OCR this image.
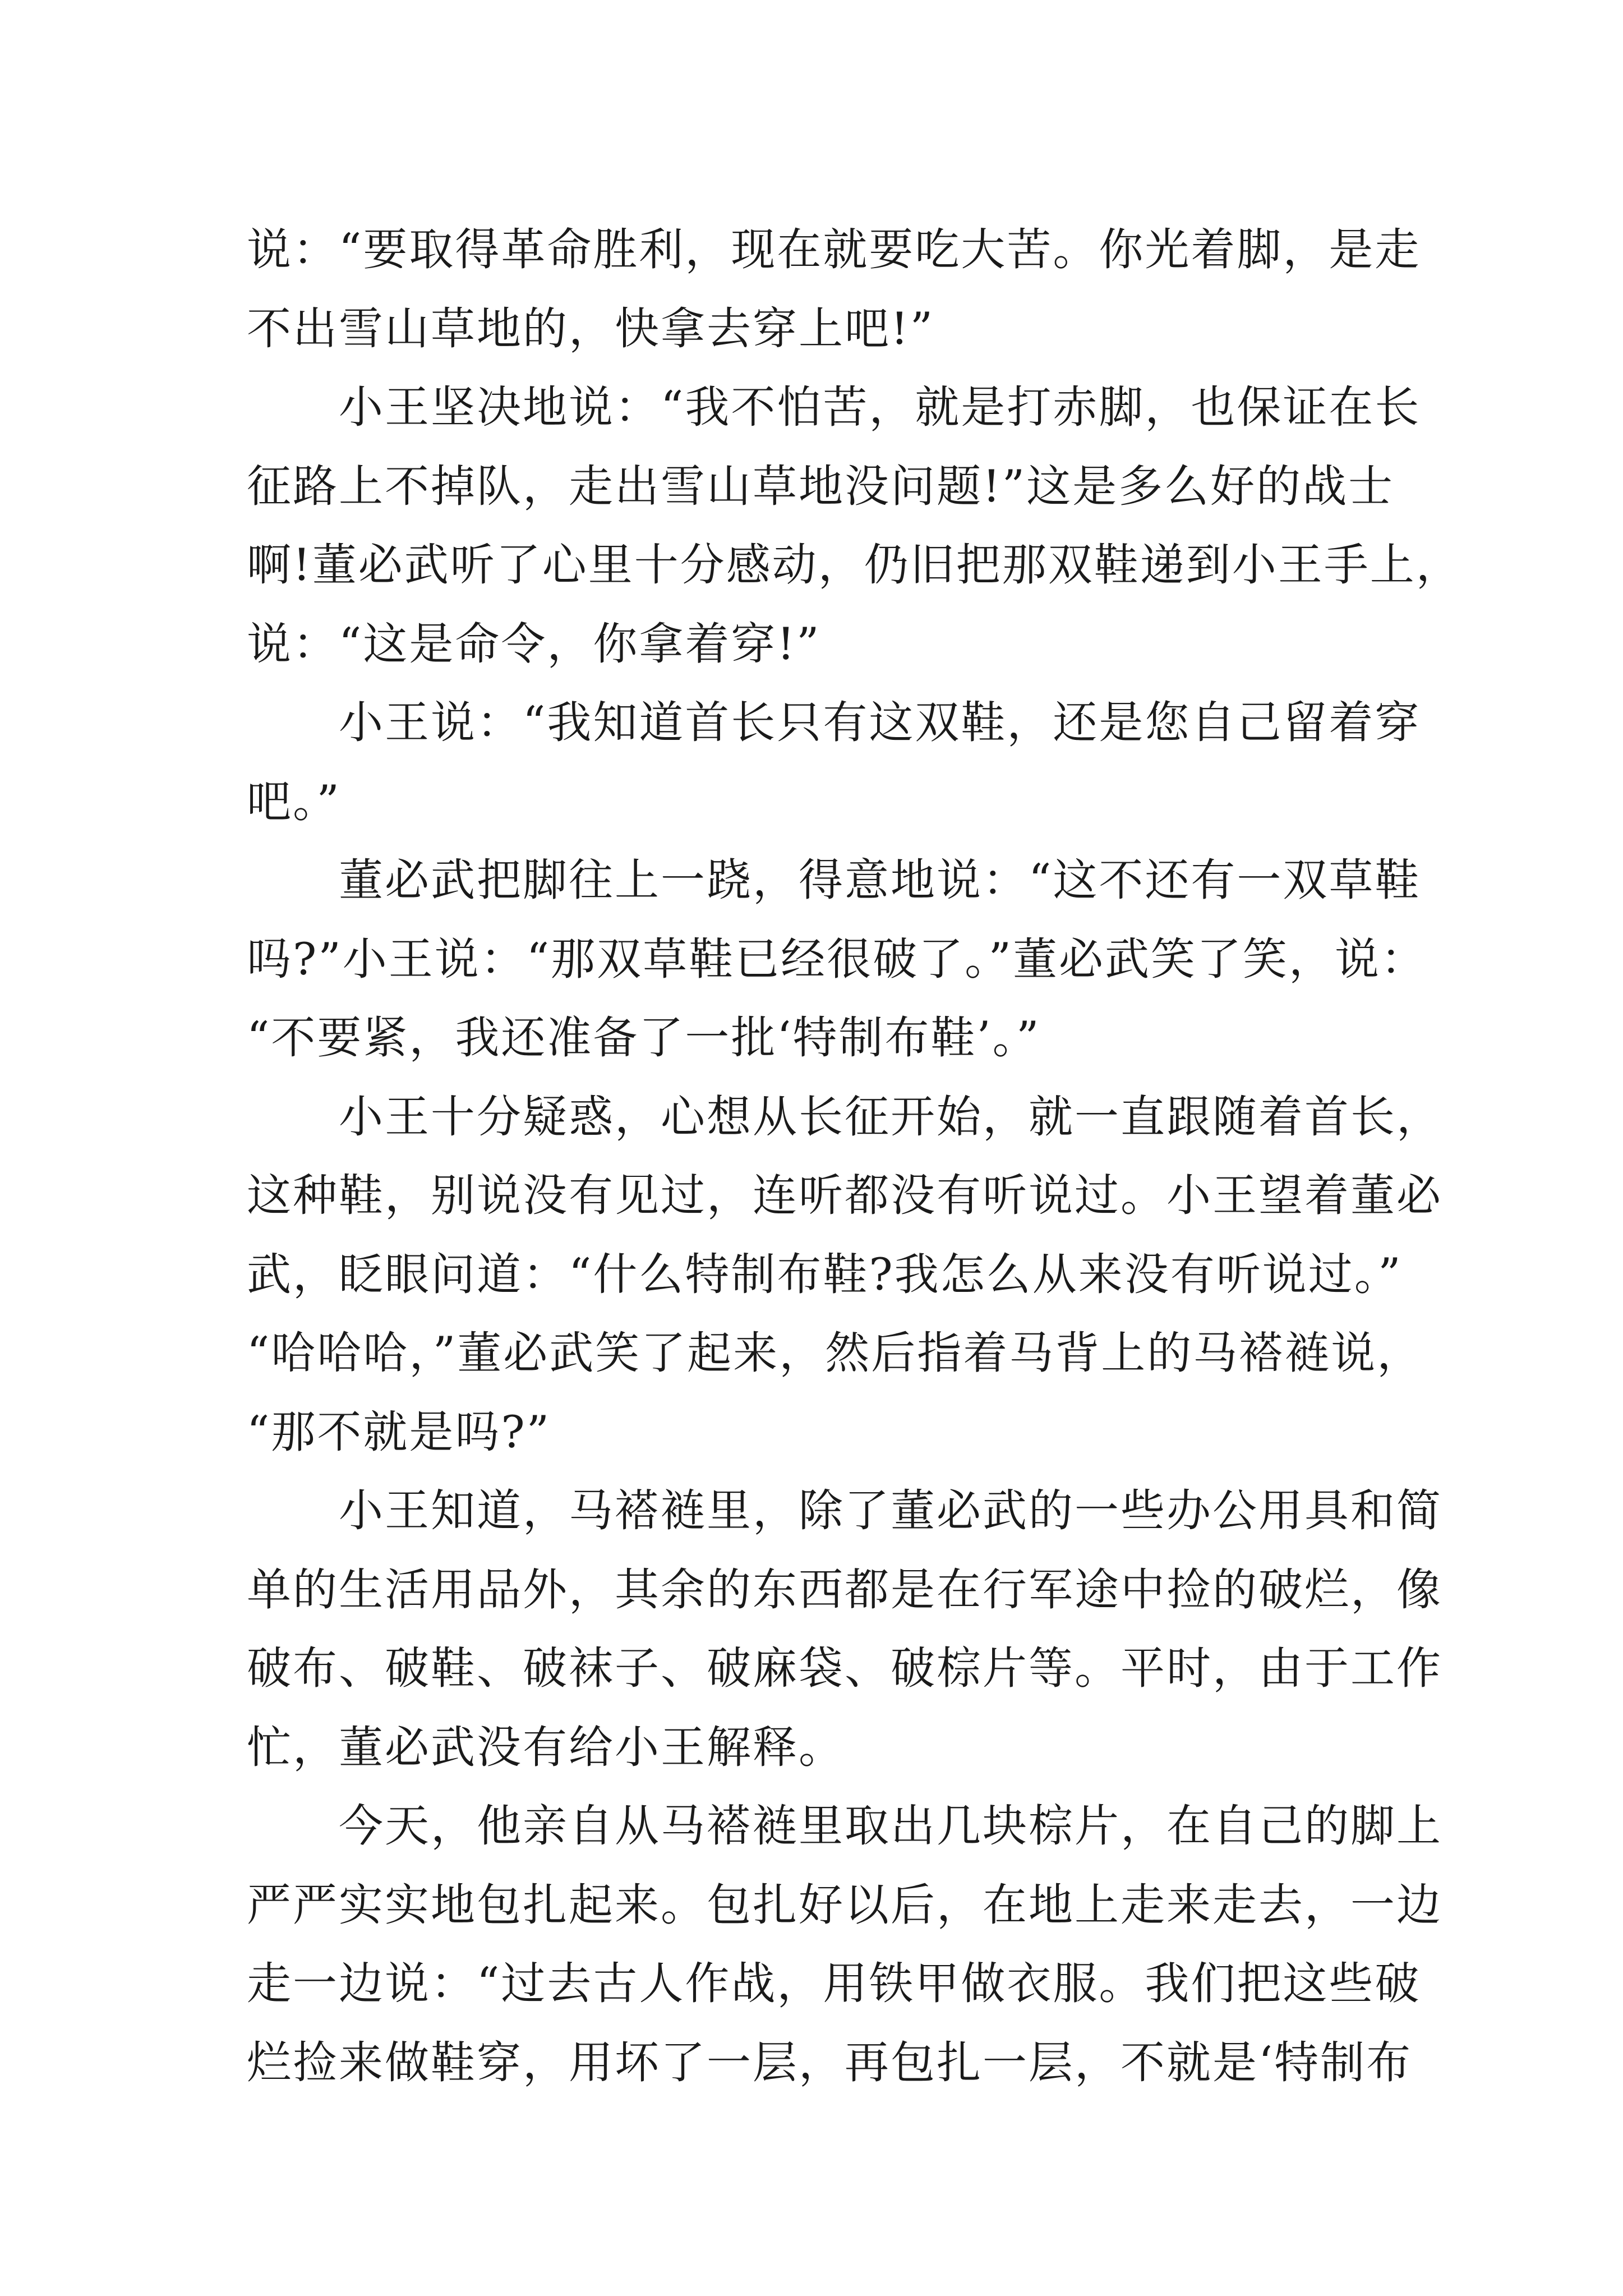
说：“要取得革命胜利，现在就要吃大苦。你光着脚，是走
不出雪山草地的，快拿去穿上吧!”
　　小王坚决地说：“我不怕苦，就是打赤脚，也保证在长
征路上不掉队，走出雪山草地没问题!”这是多么好的战士
啊!董必武听了心里十分感动，仍旧把那双鞋递到小王手上，
说：“这是命令，你拿着穿!”
　　小王说：“我知道首长只有这双鞋，还是您自己留着穿
吧。”
　　董必武把脚往上一跷，得意地说：“这不还有一双草鞋
吗?”小王说：“那双草鞋已经很破了。”董必武笑了笑，说：
“不要紧，我还准备了一批‘特制布鞋’。”
　　小王十分疑惑，心想从长征开始，就一直跟随着首长，
这种鞋，别说没有见过，连听都没有听说过。小王望着董必
武，眨眼问道：“什么特制布鞋?我怎么从来没有听说过。”
“哈哈哈，”董必武笑了起来，然后指着马背上的马褡裢说，
“那不就是吗?”
　　小王知道，马褡裢里，除了董必武的一些办公用具和简
单的生活用品外，其余的东西都是在行军途中捡的破烂，像
破布、破鞋、破袜子、破麻袋、破棕片等。平时，由于工作
忙，董必武没有给小王解释。
　　今天，他亲自从马褡裢里取出几块棕片，在自己的脚上
严严实实地包扎起来。包扎好以后，在地上走来走去，一边
走一边说：“过去古人作战，用铁甲做衣服。我们把这些破
烂捡来做鞋穿，用坏了一层，再包扎一层，不就是‘特制布
